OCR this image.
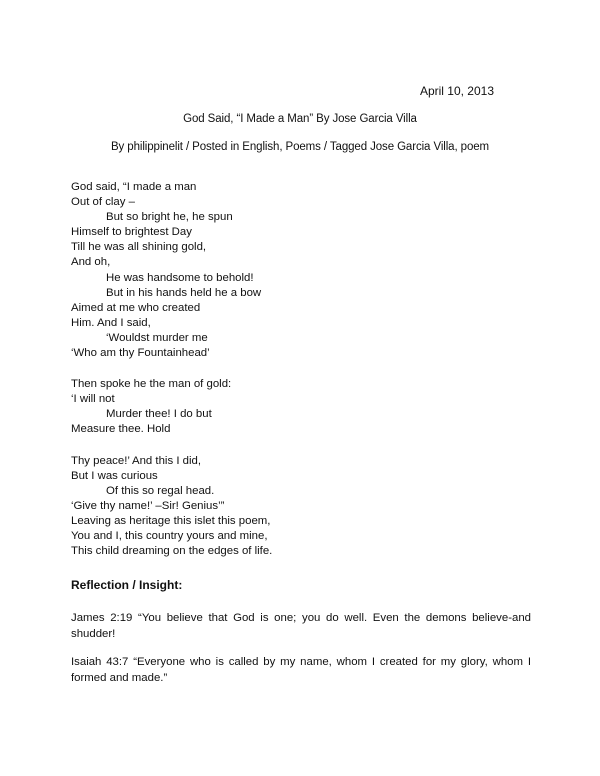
April 10, 2013
God Said, “I Made a Man” By Jose Garcia Villa
By philippinelit / Posted in English, Poems / Tagged Jose Garcia Villa, poem
God said, “I made a man
Out of clay –
But so bright he, he spun
Himself to brightest Day
Till he was all shining gold,
And oh,
He was handsome to behold!
But in his hands held he a bow
Aimed at me who created
Him. And I said,
‘Wouldst murder me
‘Who am thy Fountainhead’
Then spoke he the man of gold:
‘I will not
Murder thee! I do but
Measure thee. Hold
Thy peace!’ And this I did,
But I was curious
Of this so regal head.
‘Give thy name!’ –Sir! Genius’”
Leaving as heritage this islet this poem,
You and I, this country yours and mine,
This child dreaming on the edges of life.
Reflection / Insight:

James 2:19 “You believe that God is one; you do well. Even the demons believe-and shudder!

Isaiah 43:7 “Everyone who is called by my name, whom I created for my glory, whom I formed and made.”
